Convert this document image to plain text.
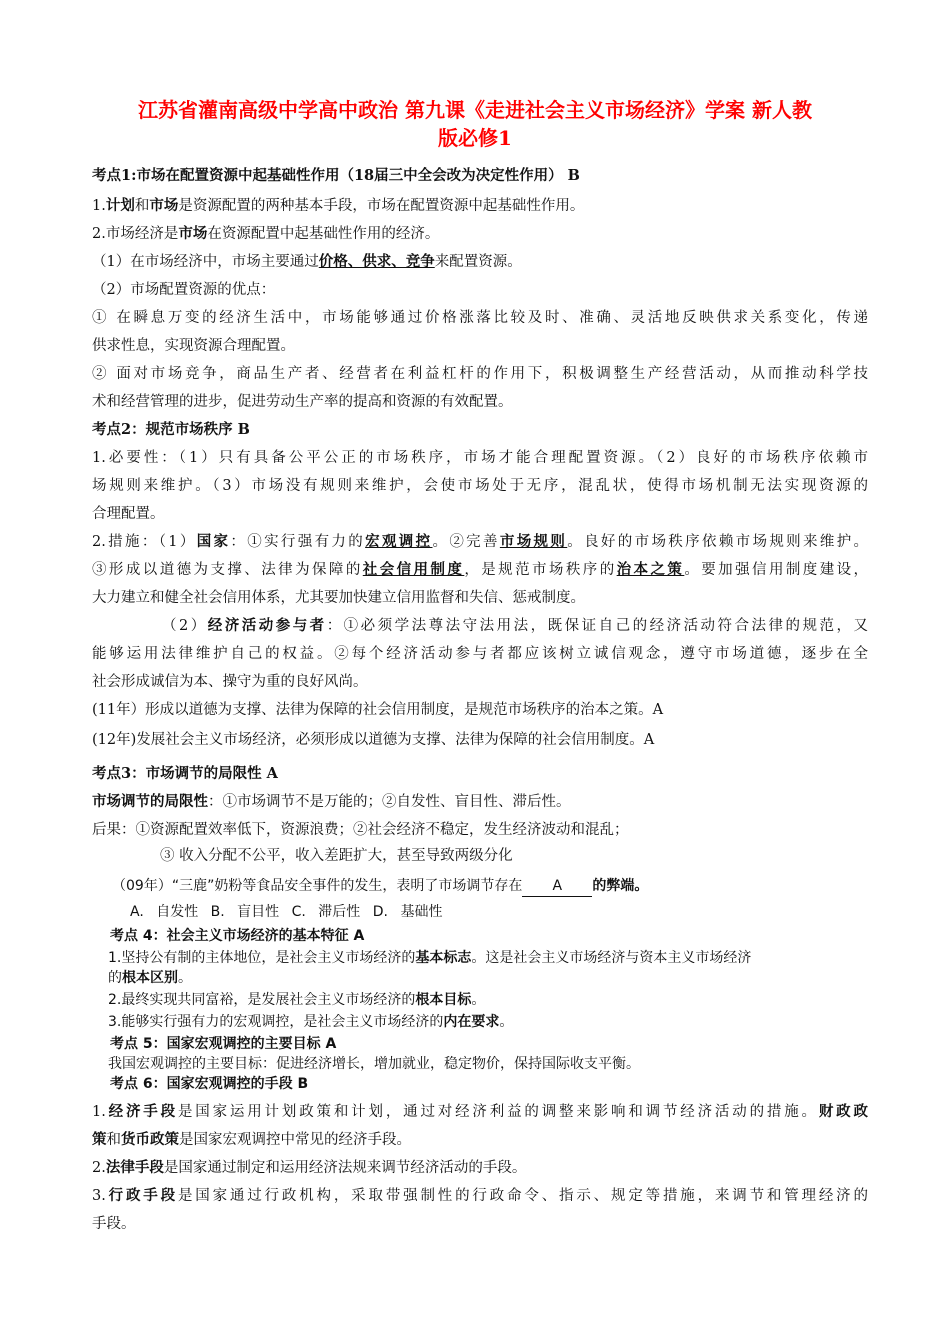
江苏省灌南高级中学高中政治 第九课《走进社会主义市场经济》学案 新人教
版必修1
考点1:市场在配置资源中起基础性作用（18届三中全会改为决定性作用） B
1.计划和市场是资源配置的两种基本手段，市场在配置资源中起基础性作用。
2.市场经济是市场在资源配置中起基础性作用的经济。
（1）在市场经济中，市场主要通过价格、供求、竞争来配置资源。
（2）市场配置资源的优点：
① 在瞬息万变的经济生活中，市场能够通过价格涨落比较及时、准确、灵活地反映供求关系变化，传递
供求性息，实现资源合理配置。
② 面对市场竞争，商品生产者、经营者在利益杠杆的作用下，积极调整生产经营活动，从而推动科学技
术和经营管理的进步，促进劳动生产率的提高和资源的有效配置。
考点2：规范市场秩序 B
1.必要性：（1）只有具备公平公正的市场秩序，市场才能合理配置资源。（2）良好的市场秩序依赖市
场规则来维护。（3）市场没有规则来维护，会使市场处于无序，混乱状，使得市场机制无法实现资源的
合理配置。
2.措施：（1）国家：①实行强有力的宏观调控。②完善市场规则。良好的市场秩序依赖市场规则来维护。
③形成以道德为支撑、法律为保障的社会信用制度，是规范市场秩序的治本之策。要加强信用制度建设，
大力建立和健全社会信用体系，尤其要加快建立信用监督和失信、惩戒制度。
（2）经济活动参与者：①必须学法尊法守法用法，既保证自己的经济活动符合法律的规范，又
能够运用法律维护自己的权益。②每个经济活动参与者都应该树立诚信观念，遵守市场道德，逐步在全
社会形成诚信为本、操守为重的良好风尚。
(11年）形成以道德为支撑、法律为保障的社会信用制度，是规范市场秩序的治本之策。A
(12年)发展社会主义市场经济，必须形成以道德为支撑、法律为保障的社会信用制度。A
考点3：市场调节的局限性 A
市场调节的局限性：①市场调节不是万能的；②自发性、盲目性、滞后性。
后果：①资源配置效率低下，资源浪费；②社会经济不稳定，发生经济波动和混乱；
③ 收入分配不公平，收入差距扩大，甚至导致两级分化
（09年）“三鹿”奶粉等食品安全事件的发生，表明了市场调节存在 A 的弊端。
A. 自发性 B. 盲目性 C. 滞后性 D. 基础性
考点 4：社会主义市场经济的基本特征 A
1.坚持公有制的主体地位，是社会主义市场经济的基本标志。这是社会主义市场经济与资本主义市场经济
的根本区别。
2.最终实现共同富裕，是发展社会主义市场经济的根本目标。
3.能够实行强有力的宏观调控，是社会主义市场经济的内在要求。
考点 5：国家宏观调控的主要目标 A
我国宏观调控的主要目标：促进经济增长，增加就业，稳定物价，保持国际收支平衡。
考点 6：国家宏观调控的手段 B
1.经济手段是国家运用计划政策和计划，通过对经济利益的调整来影响和调节经济活动的措施。财政政
策和货币政策是国家宏观调控中常见的经济手段。
2.法律手段是国家通过制定和运用经济法规来调节经济活动的手段。
3.行政手段是国家通过行政机构，采取带强制性的行政命令、指示、规定等措施，来调节和管理经济的
手段。
